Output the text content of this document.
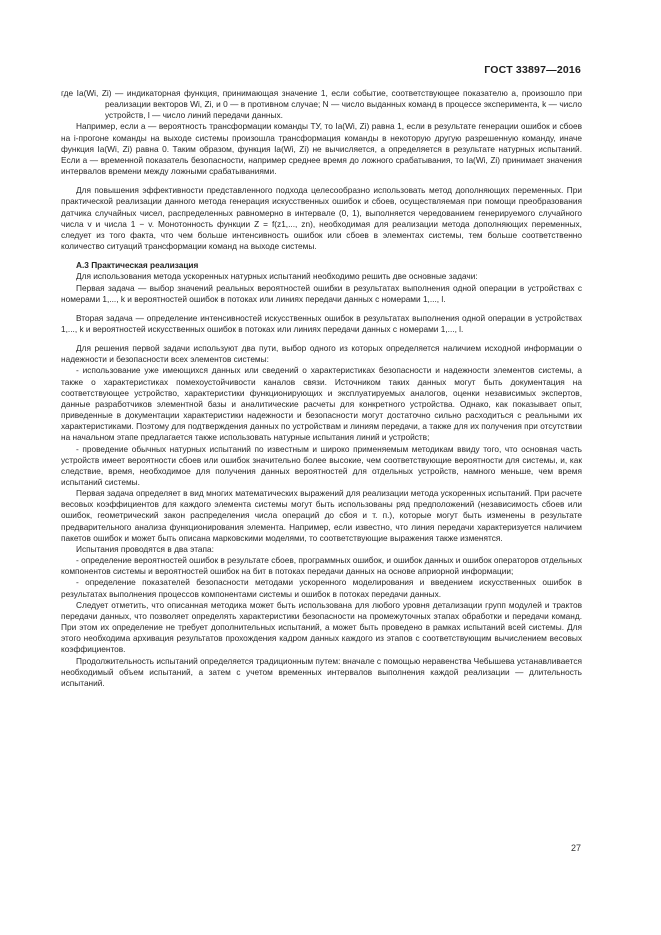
ГОСТ 33897—2016

где Ia(Wi, Zi) — индикаторная функция, принимающая значение 1, если событие, соответствующее показателю a, произошло при реализации векторов Wi, Zi, и 0 — в противном случае; N — число выданных команд в процессе эксперимента, k — число устройств, l — число линий передачи данных.

Например, если a — вероятность трансформации команды ТУ, то Ia(Wi, Zi) равна 1, если в результате генерации ошибок и сбоев на i-прогоне команды на выходе системы произошла трансформация команды в некоторую другую разрешенную команду, иначе функция Ia(Wi, Zi) равна 0. Таким образом, функция Ia(Wi, Zi) не вычисляется, а определяется в результате натурных испытаний. Если a — временной показатель безопасности, например среднее время до ложного срабатывания, то Ia(Wi, Zi) принимает значения интервалов времени между ложными срабатываниями.

Для повышения эффективности представленного подхода целесообразно использовать метод дополняющих переменных. При практической реализации данного метода генерация искусственных ошибок и сбоев, осуществляемая при помощи преобразования датчика случайных чисел, распределенных равномерно в интервале (0, 1), выполняется чередованием генерируемого случайного числа v и числа 1 − v. Монотонность функции Z = f(z1,..., zn), необходимая для реализации метода дополняющих переменных, следует из того факта, что чем больше интенсивность ошибок или сбоев в элементах системы, тем больше соответственно количество ситуаций трансформации команд на выходе системы.

А.3 Практическая реализация

Для использования метода ускоренных натурных испытаний необходимо решить две основные задачи:

Первая задача — выбор значений реальных вероятностей ошибки в результатах выполнения одной операции в устройствах с номерами 1,..., k и вероятностей ошибок в потоках или линиях передачи данных с номерами 1,..., l.

Вторая задача — определение интенсивностей искусственных ошибок в результатах выполнения одной операции в устройствах 1,..., k и вероятностей искусственных ошибок в потоках или линиях передачи данных с номерами 1,..., l.

Для решения первой задачи используют два пути, выбор одного из которых определяется наличием исходной информации о надежности и безопасности всех элементов системы:

- использование уже имеющихся данных или сведений о характеристиках безопасности и надежности элементов системы, а также о характеристиках помехоустойчивости каналов связи. Источником таких данных могут быть документация на соответствующее устройство, характеристики функционирующих и эксплуатируемых аналогов, оценки независимых экспертов, данные разработчиков элементной базы и аналитические расчеты для конкретного устройства. Однако, как показывает опыт, приведенные в документации характеристики надежности и безопасности могут достаточно сильно расходиться с реальными их характеристиками. Поэтому для подтверждения данных по устройствам и линиям передачи, а также для их получения при отсутствии на начальном этапе предлагается также использовать натурные испытания линий и устройств;

- проведение обычных натурных испытаний по известным и широко применяемым методикам ввиду того, что основная часть устройств имеет вероятности сбоев или ошибок значительно более высокие, чем соответствующие вероятности для системы, и, как следствие, время, необходимое для получения данных вероятностей для отдельных устройств, намного меньше, чем время испытаний системы.

Первая задача определяет в вид многих математических выражений для реализации метода ускоренных испытаний. При расчете весовых коэффициентов для каждого элемента системы могут быть использованы ряд предположений (независимость сбоев или ошибок, геометрический закон распределения числа операций до сбоя и т. п.), которые могут быть изменены в результате предварительного анализа функционирования элемента. Например, если известно, что линия передачи характеризуется наличием пакетов ошибок и может быть описана марковскими моделями, то соответствующие выражения также изменятся.

Испытания проводятся в два этапа:

- определение вероятностей ошибок в результате сбоев, программных ошибок, и ошибок данных и ошибок операторов отдельных компонентов системы и вероятностей ошибок на бит в потоках передачи данных на основе априорной информации;

- определение показателей безопасности методами ускоренного моделирования и введением искусственных ошибок в результатах выполнения процессов компонентами системы и ошибок в потоках передачи данных.

Следует отметить, что описанная методика может быть использована для любого уровня детализации групп модулей и трактов передачи данных, что позволяет определять характеристики безопасности на промежуточных этапах обработки и передачи команд. При этом их определение не требует дополнительных испытаний, а может быть проведено в рамках испытаний всей системы. Для этого необходима архивация результатов прохождения кадром данных каждого из этапов с соответствующим вычислением весовых коэффициентов.

Продолжительность испытаний определяется традиционным путем: вначале с помощью неравенства Чебышева устанавливается необходимый объем испытаний, а затем с учетом временных интервалов выполнения каждой реализации — длительность испытаний.

27
